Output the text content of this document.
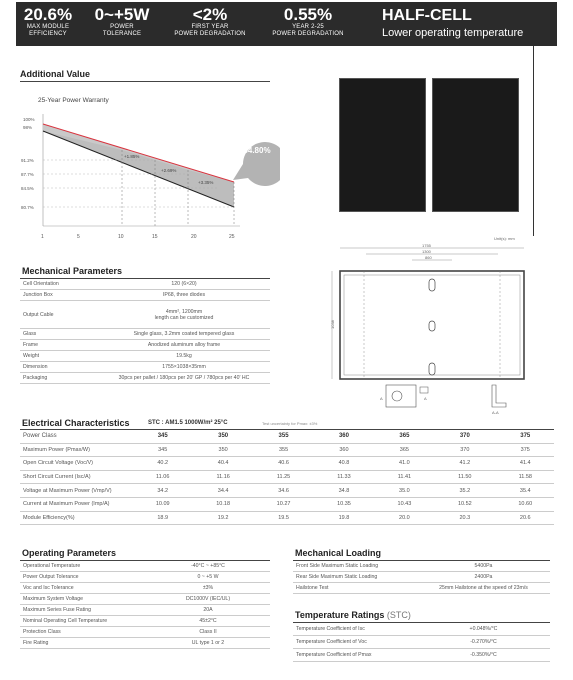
20.6%
MAX MODULE
EFFICIENCY
0~+5W
POWER
TOLERANCE
<2%
FIRST YEAR
POWER DEGRADATION
0.55%
YEAR 2-25
POWER DEGRADATION
HALF-CELL
Lower operating temperature
Additional Value
25-Year Power Warranty
100%
98%
91.2%
87.7%
84.5%
80.7%
1	5	10	15	20	25
+1.85%
+2.69%
+3.35%
84.80%
Unit(s): mm
1755
1300
860
1038
A	A
A-A
Mechanical Parameters
Cell Orientation	120 (6×20)
Junction Box	IP68, three diodes
Output Cable	4mm², 1200mm
length can be customized

Glass	Single glass, 3.2mm coated tempered glass
Frame	Anodized aluminum alloy frame
Weight	19.5kg
Dimension	1755×1038×35mm
Packaging	30pcs per pallet / 180pcs per 20' GP / 780pcs per 40' HC
Electrical Characteristics	STC : AM1.5 1000W/m² 25°C	Test uncertainty for Pmax: ±3%
Power Class	345	350	355	360	365	370	375
Maximum Power (Pmax/W)	345	350	355	360	365	370	375
Open Circuit Voltage (Voc/V)	40.2	40.4	40.6	40.8	41.0	41.2	41.4
Short Circuit Current (Isc/A)	11.06	11.16	11.25	11.33	11.41	11.50	11.58
Voltage at Maximum Power (Vmp/V)	34.2	34.4	34.6	34.8	35.0	35.2	35.4
Current at Maximum Power (Imp/A)	10.09	10.18	10.27	10.35	10.43	10.52	10.60
Module Efficiency(%)	18.9	19.2	19.5	19.8	20.0	20.3	20.6
Operating Parameters
Operational Temperature	-40°C ~ +85°C
Power Output Tolerance	0 ~ +5 W
Voc and Isc Tolerance	±3%
Maximum System Voltage	DC1000V (IEC/UL)
Maximum Series Fuse Rating	20A
Nominal Operating Cell Temperature	45±2°C
Protection Class	Class II
Fire Rating	UL type 1 or 2
Mechanical Loading
Front Side Maximum Static Loading	5400Pa
Rear Side Maximum Static Loading	2400Pa
Hailstone Test	25mm Hailstone at the speed of 23m/s
Temperature Ratings (STC)
Temperature Coefficient of Isc	+0.048%/°C
Temperature Coefficient of Voc	-0.270%/°C
Temperature Coefficient of Pmax	-0.350%/°C
